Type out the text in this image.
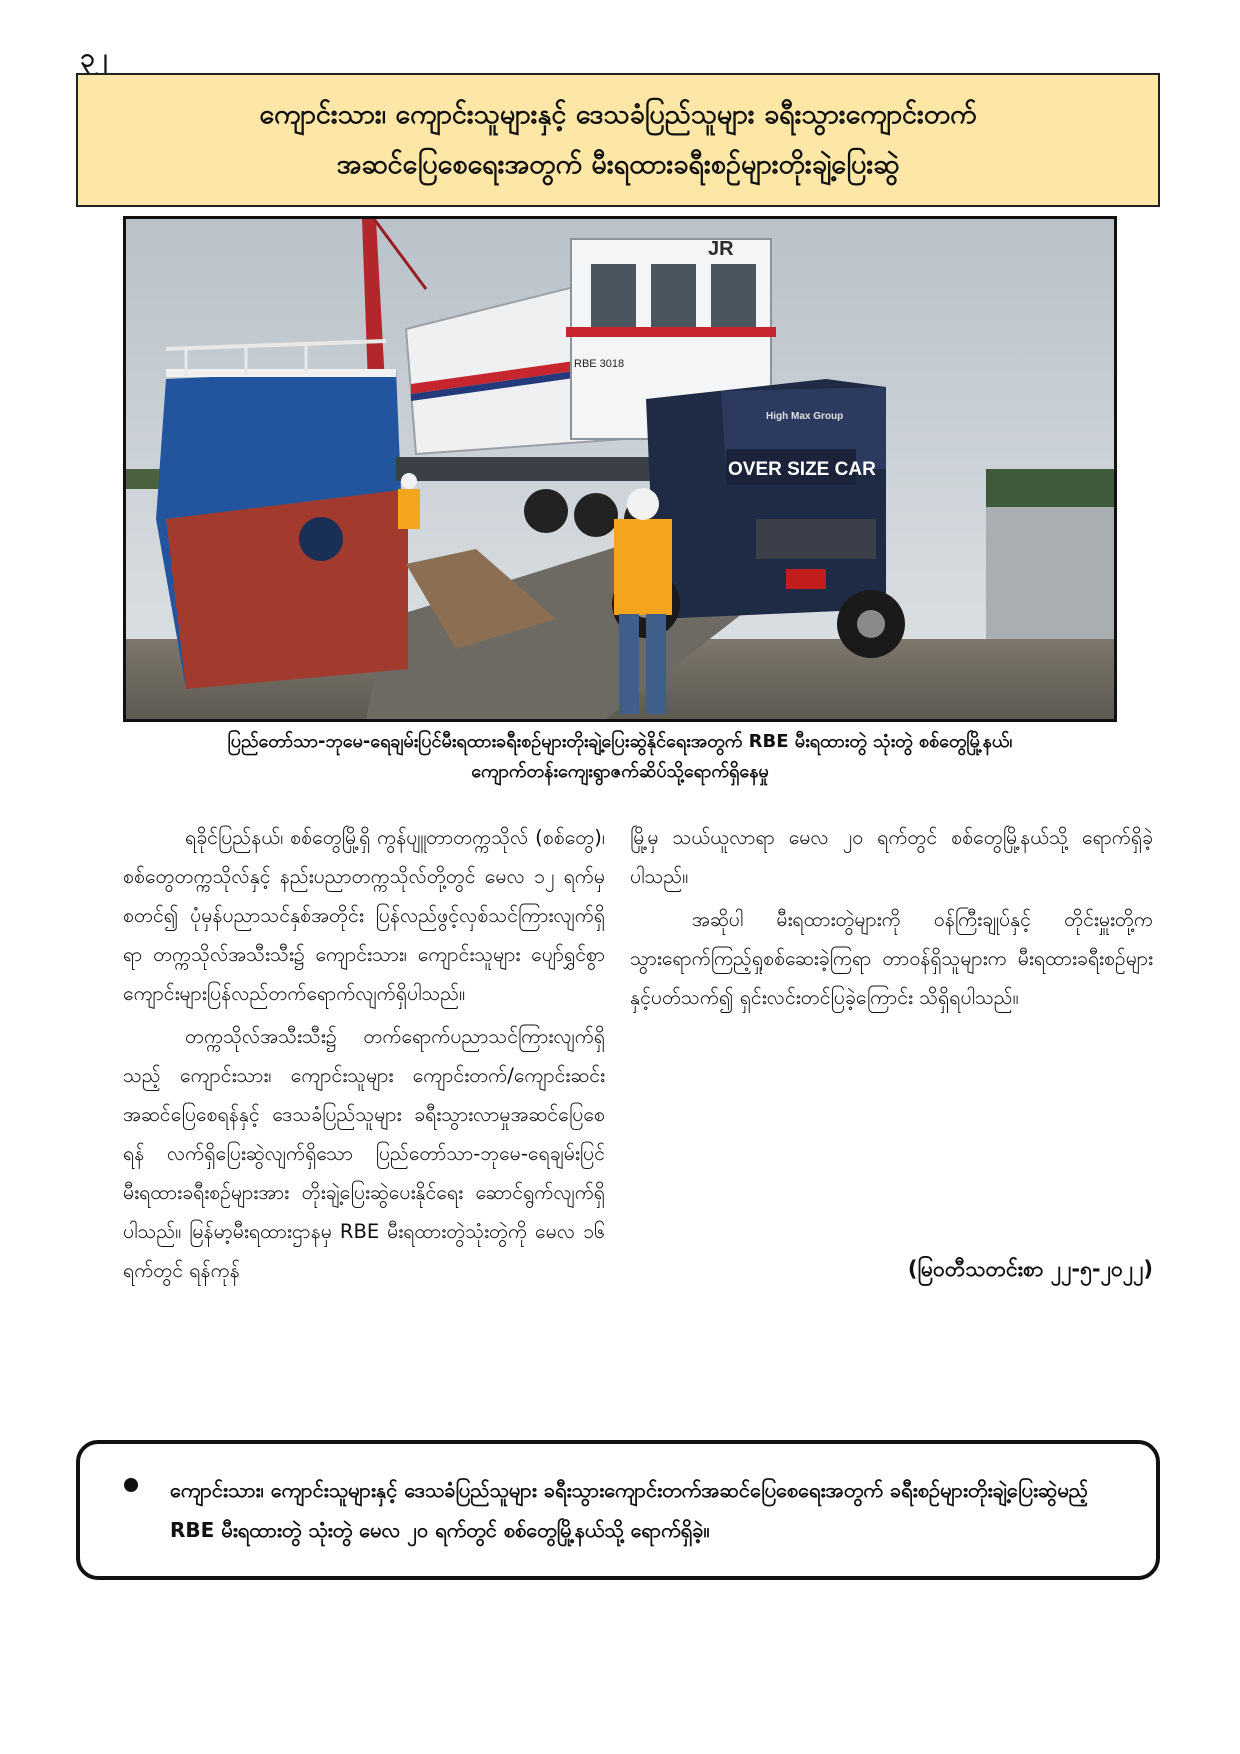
၃၂
ကျောင်းသား၊ ကျောင်းသူများနှင့် ဒေသခံပြည်သူများ ခရီးသွားကျောင်းတက်
အဆင်ပြေစေရေးအတွက် မီးရထားခရီးစဉ်များတိုးချဲ့ပြေးဆွဲ
JR
RBE 3018
OVER SIZE CAR
High Max Group
ပြည်တော်သာ-ဘုမေ-ရေချမ်းပြင်မီးရထားခရီးစဉ်များတိုးချဲ့ပြေးဆွဲနိုင်ရေးအတွက် RBE မီးရထားတွဲ သုံးတွဲ စစ်တွေမြို့နယ်၊
ကျောက်တန်းကျေးရွာဇက်ဆိပ်သို့ရောက်ရှိနေမှု

ရခိုင်ပြည်နယ်၊ စစ်တွေမြို့ရှိ ကွန်ပျူတာတက္ကသိုလ် (စစ်တွေ)၊ စစ်တွေတက္ကသိုလ်နှင့် နည်းပညာတက္ကသိုလ်တို့တွင် မေလ ၁၂ ရက်မှစတင်၍ ပုံမှန်ပညာသင်နှစ်အတိုင်း ပြန်လည်ဖွင့်လှစ်သင်ကြားလျက်ရှိရာ တက္ကသိုလ်အသီးသီး၌ ကျောင်းသား၊ ကျောင်းသူများ ပျော်ရွှင်စွာကျောင်းများပြန်လည်တက်ရောက်လျက်ရှိပါသည်။

တက္ကသိုလ်အသီးသီး၌ တက်ရောက်ပညာသင်ကြားလျက်ရှိသည့် ကျောင်းသား၊ ကျောင်းသူများ ကျောင်းတက်/ကျောင်းဆင်းအဆင်ပြေစေရန်နှင့် ဒေသခံပြည်သူများ ခရီးသွားလာမှုအဆင်ပြေစေရန် လက်ရှိပြေးဆွဲလျက်ရှိသော ပြည်တော်သာ-ဘုမေ-ရေချမ်းပြင် မီးရထားခရီးစဉ်များအား တိုးချဲ့ပြေးဆွဲပေးနိုင်ရေး ဆောင်ရွက်လျက်ရှိပါသည်။ မြန်မာ့မီးရထားဌာနမှ RBE မီးရထားတွဲသုံးတွဲကို မေလ ၁၆ ရက်တွင် ရန်ကုန်

မြို့မှ သယ်ယူလာရာ မေလ ၂၀ ရက်တွင် စစ်တွေမြို့နယ်သို့ ရောက်ရှိခဲ့ပါသည်။

အဆိုပါ မီးရထားတွဲများကို ဝန်ကြီးချုပ်နှင့် တိုင်းမှူးတို့က သွားရောက်ကြည့်ရှုစစ်ဆေးခဲ့ကြရာ တာဝန်ရှိသူများက မီးရထားခရီးစဉ်များနှင့်ပတ်သက်၍ ရှင်းလင်းတင်ပြခဲ့ကြောင်း သိရှိရပါသည်။

(မြဝတီသတင်းစာ ၂၂-၅-၂၀၂၂)
ကျောင်းသား၊ ကျောင်းသူများနှင့် ဒေသခံပြည်သူများ ခရီးသွားကျောင်းတက်အဆင်ပြေစေရေးအတွက် ခရီးစဉ်များတိုးချဲ့ပြေးဆွဲမည့် RBE မီးရထားတွဲ သုံးတွဲ မေလ ၂၀ ရက်တွင် စစ်တွေမြို့နယ်သို့ ရောက်ရှိခဲ့။
